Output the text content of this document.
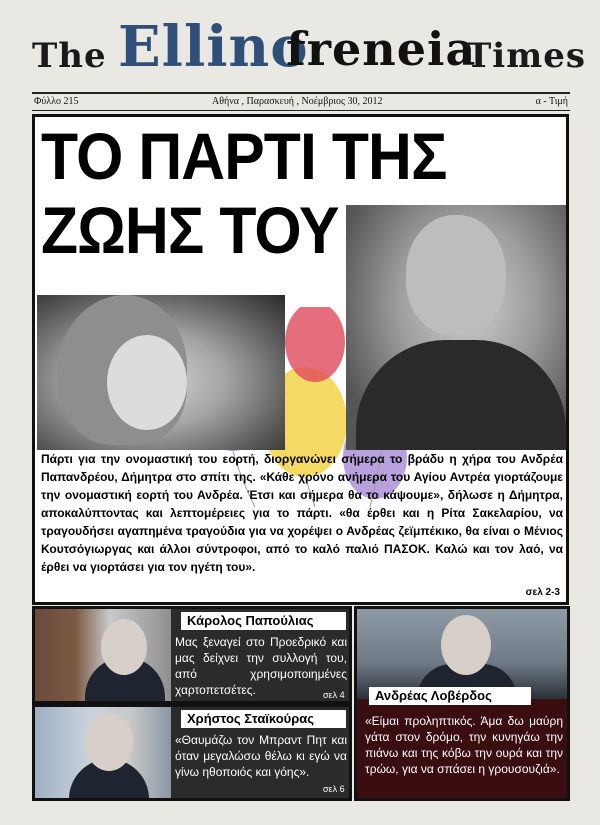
The Ellino
freneia
Times
Φύλλο 215	Αθήνα , Παρασκευή , Νοέμβριος 30, 2012	α - Τιμή
ΤΟ ΠΑΡΤΙ ΤΗΣ ΖΩΗΣ ΤΟΥ
Πάρτι για την ονομαστική του εορτή, διοργανώνει σήμερα το βράδυ η χήρα του Ανδρέα Παπανδρέου, Δήμητρα στο σπίτι της. «Κάθε χρόνο ανήμερα του Αγίου Αντρέα γιορτάζουμε την ονομαστική εορτή του Ανδρέα. Έτσι και σήμερα θα το κάψουμε», δήλωσε η Δήμητρα, αποκαλύπτοντας και λεπτομέρειες για το πάρτι. «θα έρθει και η Ρίτα Σακελαρίου, να τραγουδήσει αγαπημένα τραγούδια για να χορέψει ο Ανδρέας ζεϊμπέκικο, θα είναι ο Μένιος Κουτσόγιωργας και άλλοι σύντροφοι, από το καλό παλιό ΠΑΣΟΚ. Καλώ και τον λαό, να έρθει να γιορτάσει για τον ηγέτη του».
σελ 2-3
Κάρολος Παπούλιας
Μας ξεναγεί στο Προεδρικό και μας δείχνει την συλλογή του, από χρησιμοποιημένες χαρτοπετσέτες.	σελ 4
Χρήστος Σταϊκούρας
«Θαυμάζω τον Μπραντ Πητ και όταν μεγαλώσω θέλω κι εγώ να γίνω ηθοποιός και γόης».
σελ 6
Ανδρέας Λοβέρδος
«Είμαι προληπτικός. Άμα δω μαύρη γάτα στον δρόμο, την κυνηγάω την πιάνω και της κόβω την ουρά και την τρώω, για να σπάσει η γρουσουζιά».
